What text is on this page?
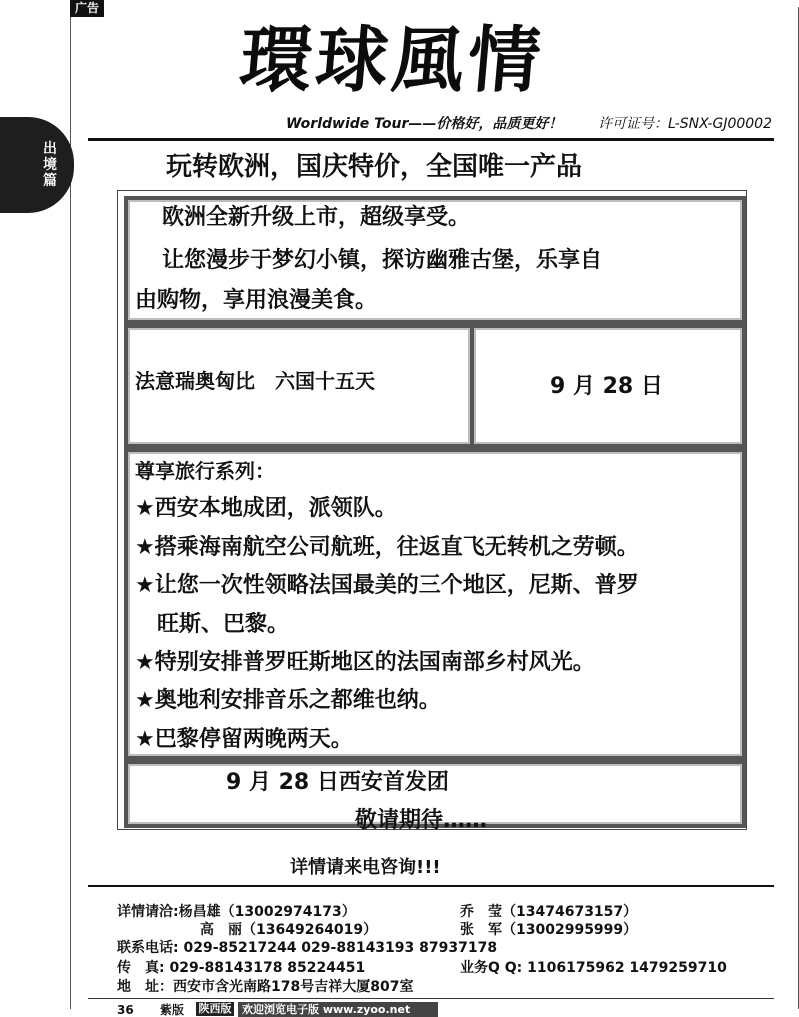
广告
出
境
篇
環球風情
Worldwide Tour——价格好，品质更好！	许可证号：L-SNX-GJ00002
玩转欧洲，国庆特价，全国唯一产品
欧洲全新升级上市，超级享受。
让您漫步于梦幻小镇，探访幽雅古堡，乐享自
由购物，享用浪漫美食。
法意瑞奥匈比　六国十五天	9 月 28 日
尊享旅行系列：
★西安本地成团，派领队。
★搭乘海南航空公司航班，往返直飞无转机之劳顿。
★让您一次性领略法国最美的三个地区，尼斯、普罗
　旺斯、巴黎。
★特别安排普罗旺斯地区的法国南部乡村风光。
★奥地利安排音乐之都维也纳。
★巴黎停留两晚两天。
9 月 28 日西安首发团
敬请期待……
详情请来电咨询!!!
详情请洽:杨昌雄（13002974173）	乔　莹（13474673157）
高　丽（13649264019）	张　军（13002995999）
联系电话: 029-85217244 029-88143193 87937178
传　真: 029-88143178 85224451	业务Q Q: 1106175962 1479259710
地　址：西安市含光南路178号吉祥大厦807室
36 紫版 陕西版 欢迎浏览电子版 www.zyoo.net
